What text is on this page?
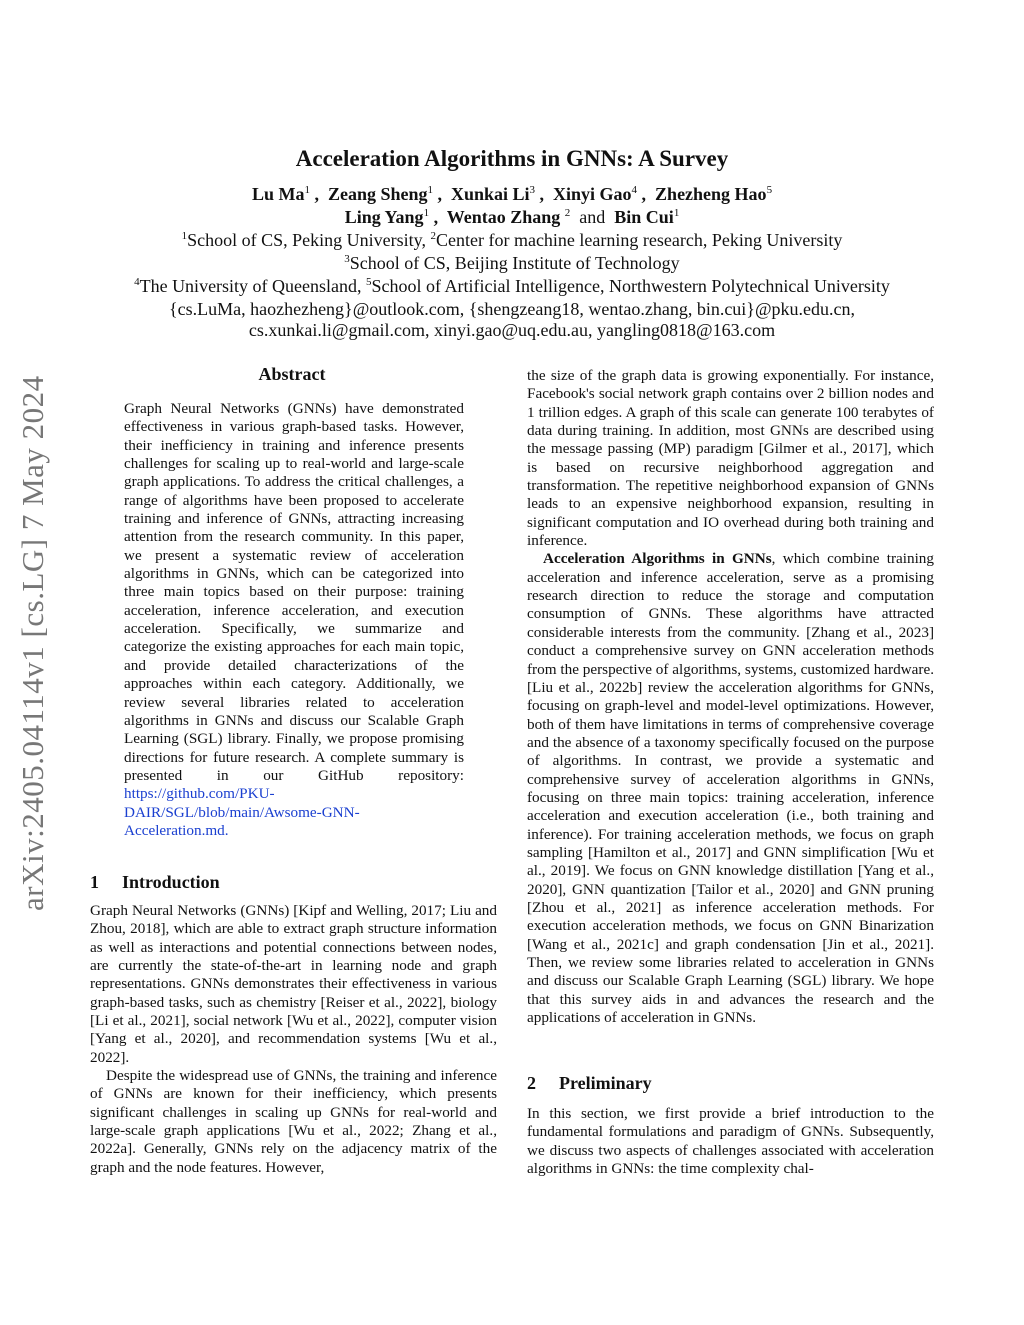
arXiv:2405.04114v1 [cs.LG] 7 May 2024
Acceleration Algorithms in GNNs: A Survey
Lu Ma$^1$ ,  Zeang Sheng$^1$ ,  Xunkai Li$^3$ ,  Xinyi Gao$^4$ ,  Zhezheng Hao$^5$
Ling Yang$^1$ ,  Wentao Zhang $^2$ and Bin Cui$^1$
$^1$School of CS, Peking University, $^2$Center for machine learning research, Peking University
$^3$School of CS, Beijing Institute of Technology
$^4$The University of Queensland, $^5$School of Artificial Intelligence, Northwestern Polytechnical University
{cs.LuMa, haozhezheng}@outlook.com, {shengzeang18, wentao.zhang, bin.cui}@pku.edu.cn,
cs.xunkai.li@gmail.com, xinyi.gao@uq.edu.au, yangling0818@163.com
Abstract

Graph Neural Networks (GNNs) have demonstrated effectiveness in various graph-based tasks. However, their inefficiency in training and inference presents challenges for scaling up to real-world and large-scale graph applications. To address the critical challenges, a range of algorithms have been proposed to accelerate training and inference of GNNs, attracting increasing attention from the research community. In this paper, we present a systematic review of acceleration algorithms in GNNs, which can be categorized into three main topics based on their purpose: training acceleration, inference acceleration, and execution acceleration. Specifically, we summarize and categorize the existing approaches for each main topic, and provide detailed characterizations of the approaches within each category. Additionally, we review several libraries related to acceleration algorithms in GNNs and discuss our Scalable Graph Learning (SGL) library. Finally, we propose promising directions for future research. A complete summary is presented in our GitHub repository: https://github.com/PKU-DAIR/SGL/blob/main/Awsome-GNN-Acceleration.md.

1 Introduction

Graph Neural Networks (GNNs) [Kipf and Welling, 2017; Liu and Zhou, 2018], which are able to extract graph structure information as well as interactions and potential connections between nodes, are currently the state-of-the-art in learning node and graph representations. GNNs demonstrates their effectiveness in various graph-based tasks, such as chemistry [Reiser et al., 2022], biology [Li et al., 2021], social network [Wu et al., 2022], computer vision [Yang et al., 2020], and recommendation systems [Wu et al., 2022].

Despite the widespread use of GNNs, the training and inference of GNNs are known for their inefficiency, which presents significant challenges in scaling up GNNs for real-world and large-scale graph applications [Wu et al., 2022; Zhang et al., 2022a]. Generally, GNNs rely on the adjacency matrix of the graph and the node features. However,

the size of the graph data is growing exponentially. For instance, Facebook's social network graph contains over 2 billion nodes and 1 trillion edges. A graph of this scale can generate 100 terabytes of data during training. In addition, most GNNs are described using the message passing (MP) paradigm [Gilmer et al., 2017], which is based on recursive neighborhood aggregation and transformation. The repetitive neighborhood expansion of GNNs leads to an expensive neighborhood expansion, resulting in significant computation and IO overhead during both training and inference.

Acceleration Algorithms in GNNs, which combine training acceleration and inference acceleration, serve as a promising research direction to reduce the storage and computation consumption of GNNs. These algorithms have attracted considerable interests from the community. [Zhang et al., 2023] conduct a comprehensive survey on GNN acceleration methods from the perspective of algorithms, systems, customized hardware. [Liu et al., 2022b] review the acceleration algorithms for GNNs, focusing on graph-level and model-level optimizations. However, both of them have limitations in terms of comprehensive coverage and the absence of a taxonomy specifically focused on the purpose of algorithms. In contrast, we provide a systematic and comprehensive survey of acceleration algorithms in GNNs, focusing on three main topics: training acceleration, inference acceleration and execution acceleration (i.e., both training and inference). For training acceleration methods, we focus on graph sampling [Hamilton et al., 2017] and GNN simplification [Wu et al., 2019]. We focus on GNN knowledge distillation [Yang et al., 2020], GNN quantization [Tailor et al., 2020] and GNN pruning [Zhou et al., 2021] as inference acceleration methods. For execution acceleration methods, we focus on GNN Binarization [Wang et al., 2021c] and graph condensation [Jin et al., 2021]. Then, we review some libraries related to acceleration in GNNs and discuss our Scalable Graph Learning (SGL) library. We hope that this survey aids in and advances the research and the applications of acceleration in GNNs.

2 Preliminary

In this section, we first provide a brief introduction to the fundamental formulations and paradigm of GNNs. Subsequently, we discuss two aspects of challenges associated with acceleration algorithms in GNNs: the time complexity chal-
